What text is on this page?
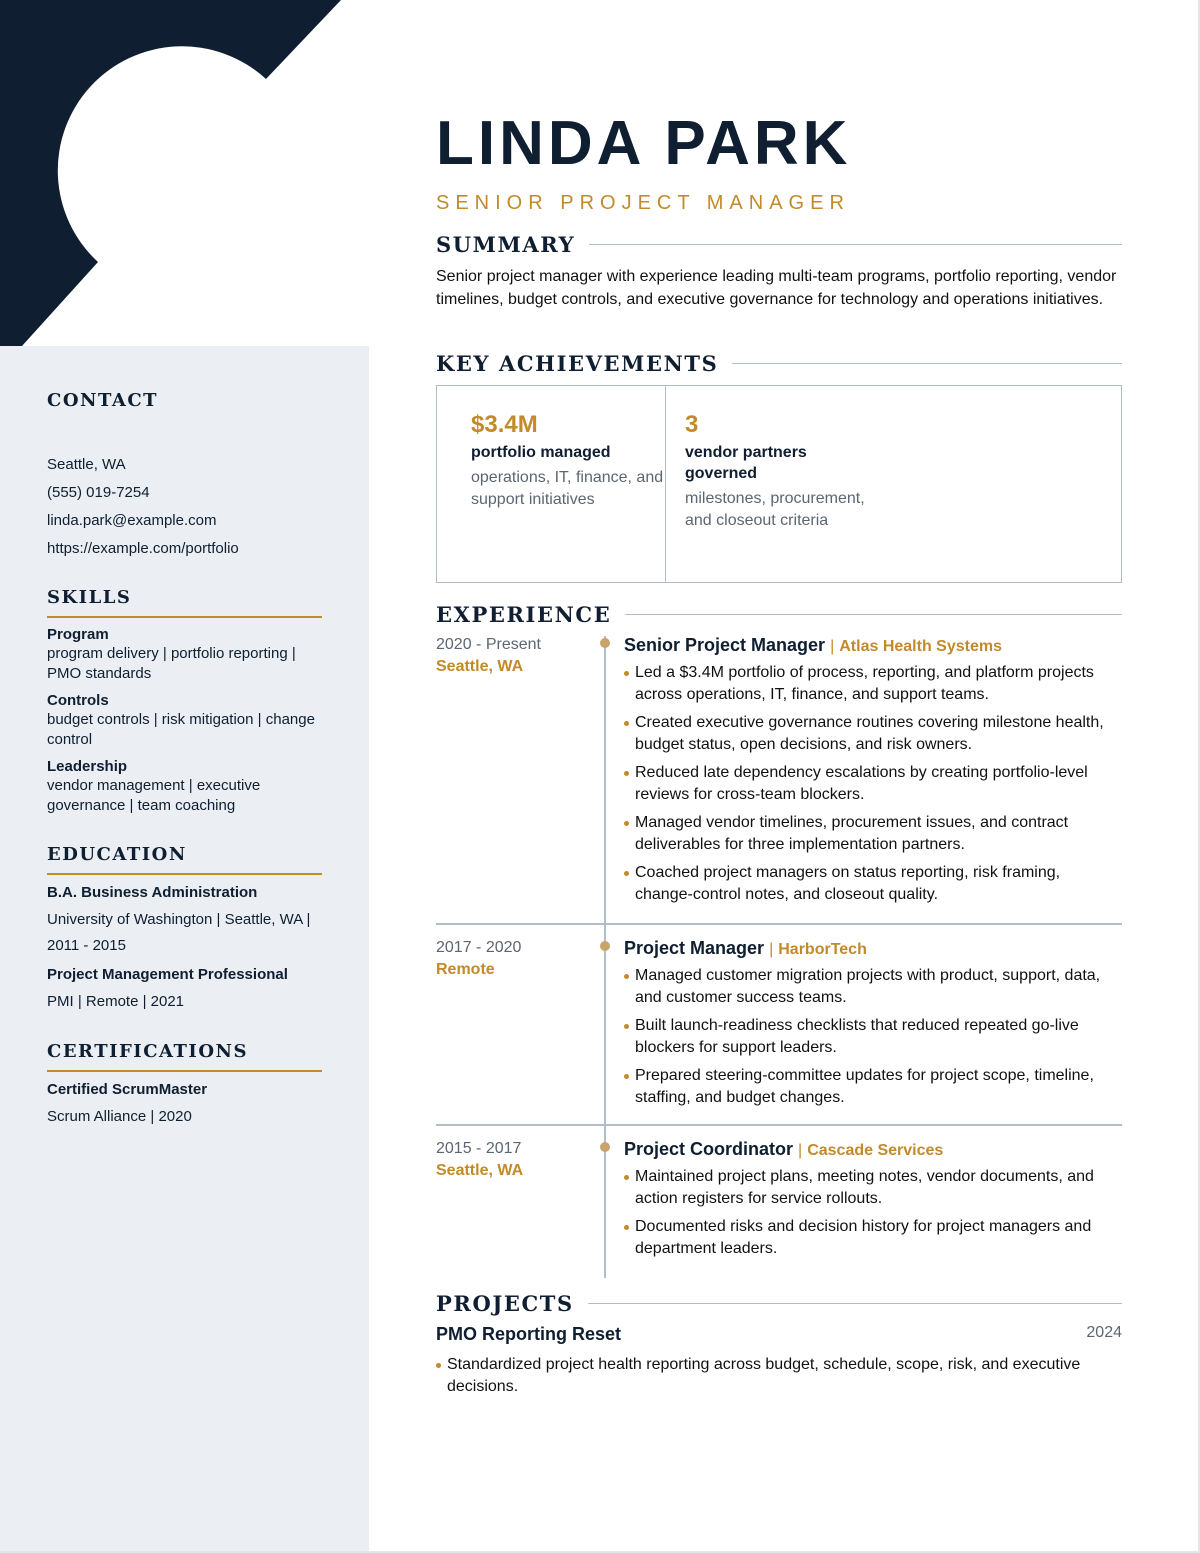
CONTACT
Seattle, WA
(555) 019-7254
linda.park@example.com
https://example.com/portfolio
SKILLS
Program
program delivery | portfolio reporting | PMO standards
Controls
budget controls | risk mitigation | change control
Leadership
vendor management | executive governance | team coaching
EDUCATION
B.A. Business Administration
University of Washington | Seattle, WA | 2011 - 2015
Project Management Professional
PMI | Remote | 2021
CERTIFICATIONS
Certified ScrumMaster
Scrum Alliance | 2020
LINDA PARK
SENIOR PROJECT MANAGER
SUMMARY
Senior project manager with experience leading multi-team programs, portfolio reporting, vendor timelines, budget controls, and executive governance for technology and operations initiatives.
KEY ACHIEVEMENTS
$3.4M
portfolio managed
operations, IT, finance, and support initiatives
3
vendor partners governed
milestones, procurement, and closeout criteria
EXPERIENCE
2020 - Present
Seattle, WA
Senior Project Manager | Atlas Health Systems
Led a $3.4M portfolio of process, reporting, and platform projects across operations, IT, finance, and support teams.
Created executive governance routines covering milestone health, budget status, open decisions, and risk owners.
Reduced late dependency escalations by creating portfolio-level reviews for cross-team blockers.
Managed vendor timelines, procurement issues, and contract deliverables for three implementation partners.
Coached project managers on status reporting, risk framing, change-control notes, and closeout quality.
2017 - 2020
Remote
Project Manager | HarborTech
Managed customer migration projects with product, support, data, and customer success teams.
Built launch-readiness checklists that reduced repeated go-live blockers for support leaders.
Prepared steering-committee updates for project scope, timeline, staffing, and budget changes.
2015 - 2017
Seattle, WA
Project Coordinator | Cascade Services
Maintained project plans, meeting notes, vendor documents, and action registers for service rollouts.
Documented risks and decision history for project managers and department leaders.
PROJECTS
PMO Reporting Reset	2024
Standardized project health reporting across budget, schedule, scope, risk, and executive decisions.
